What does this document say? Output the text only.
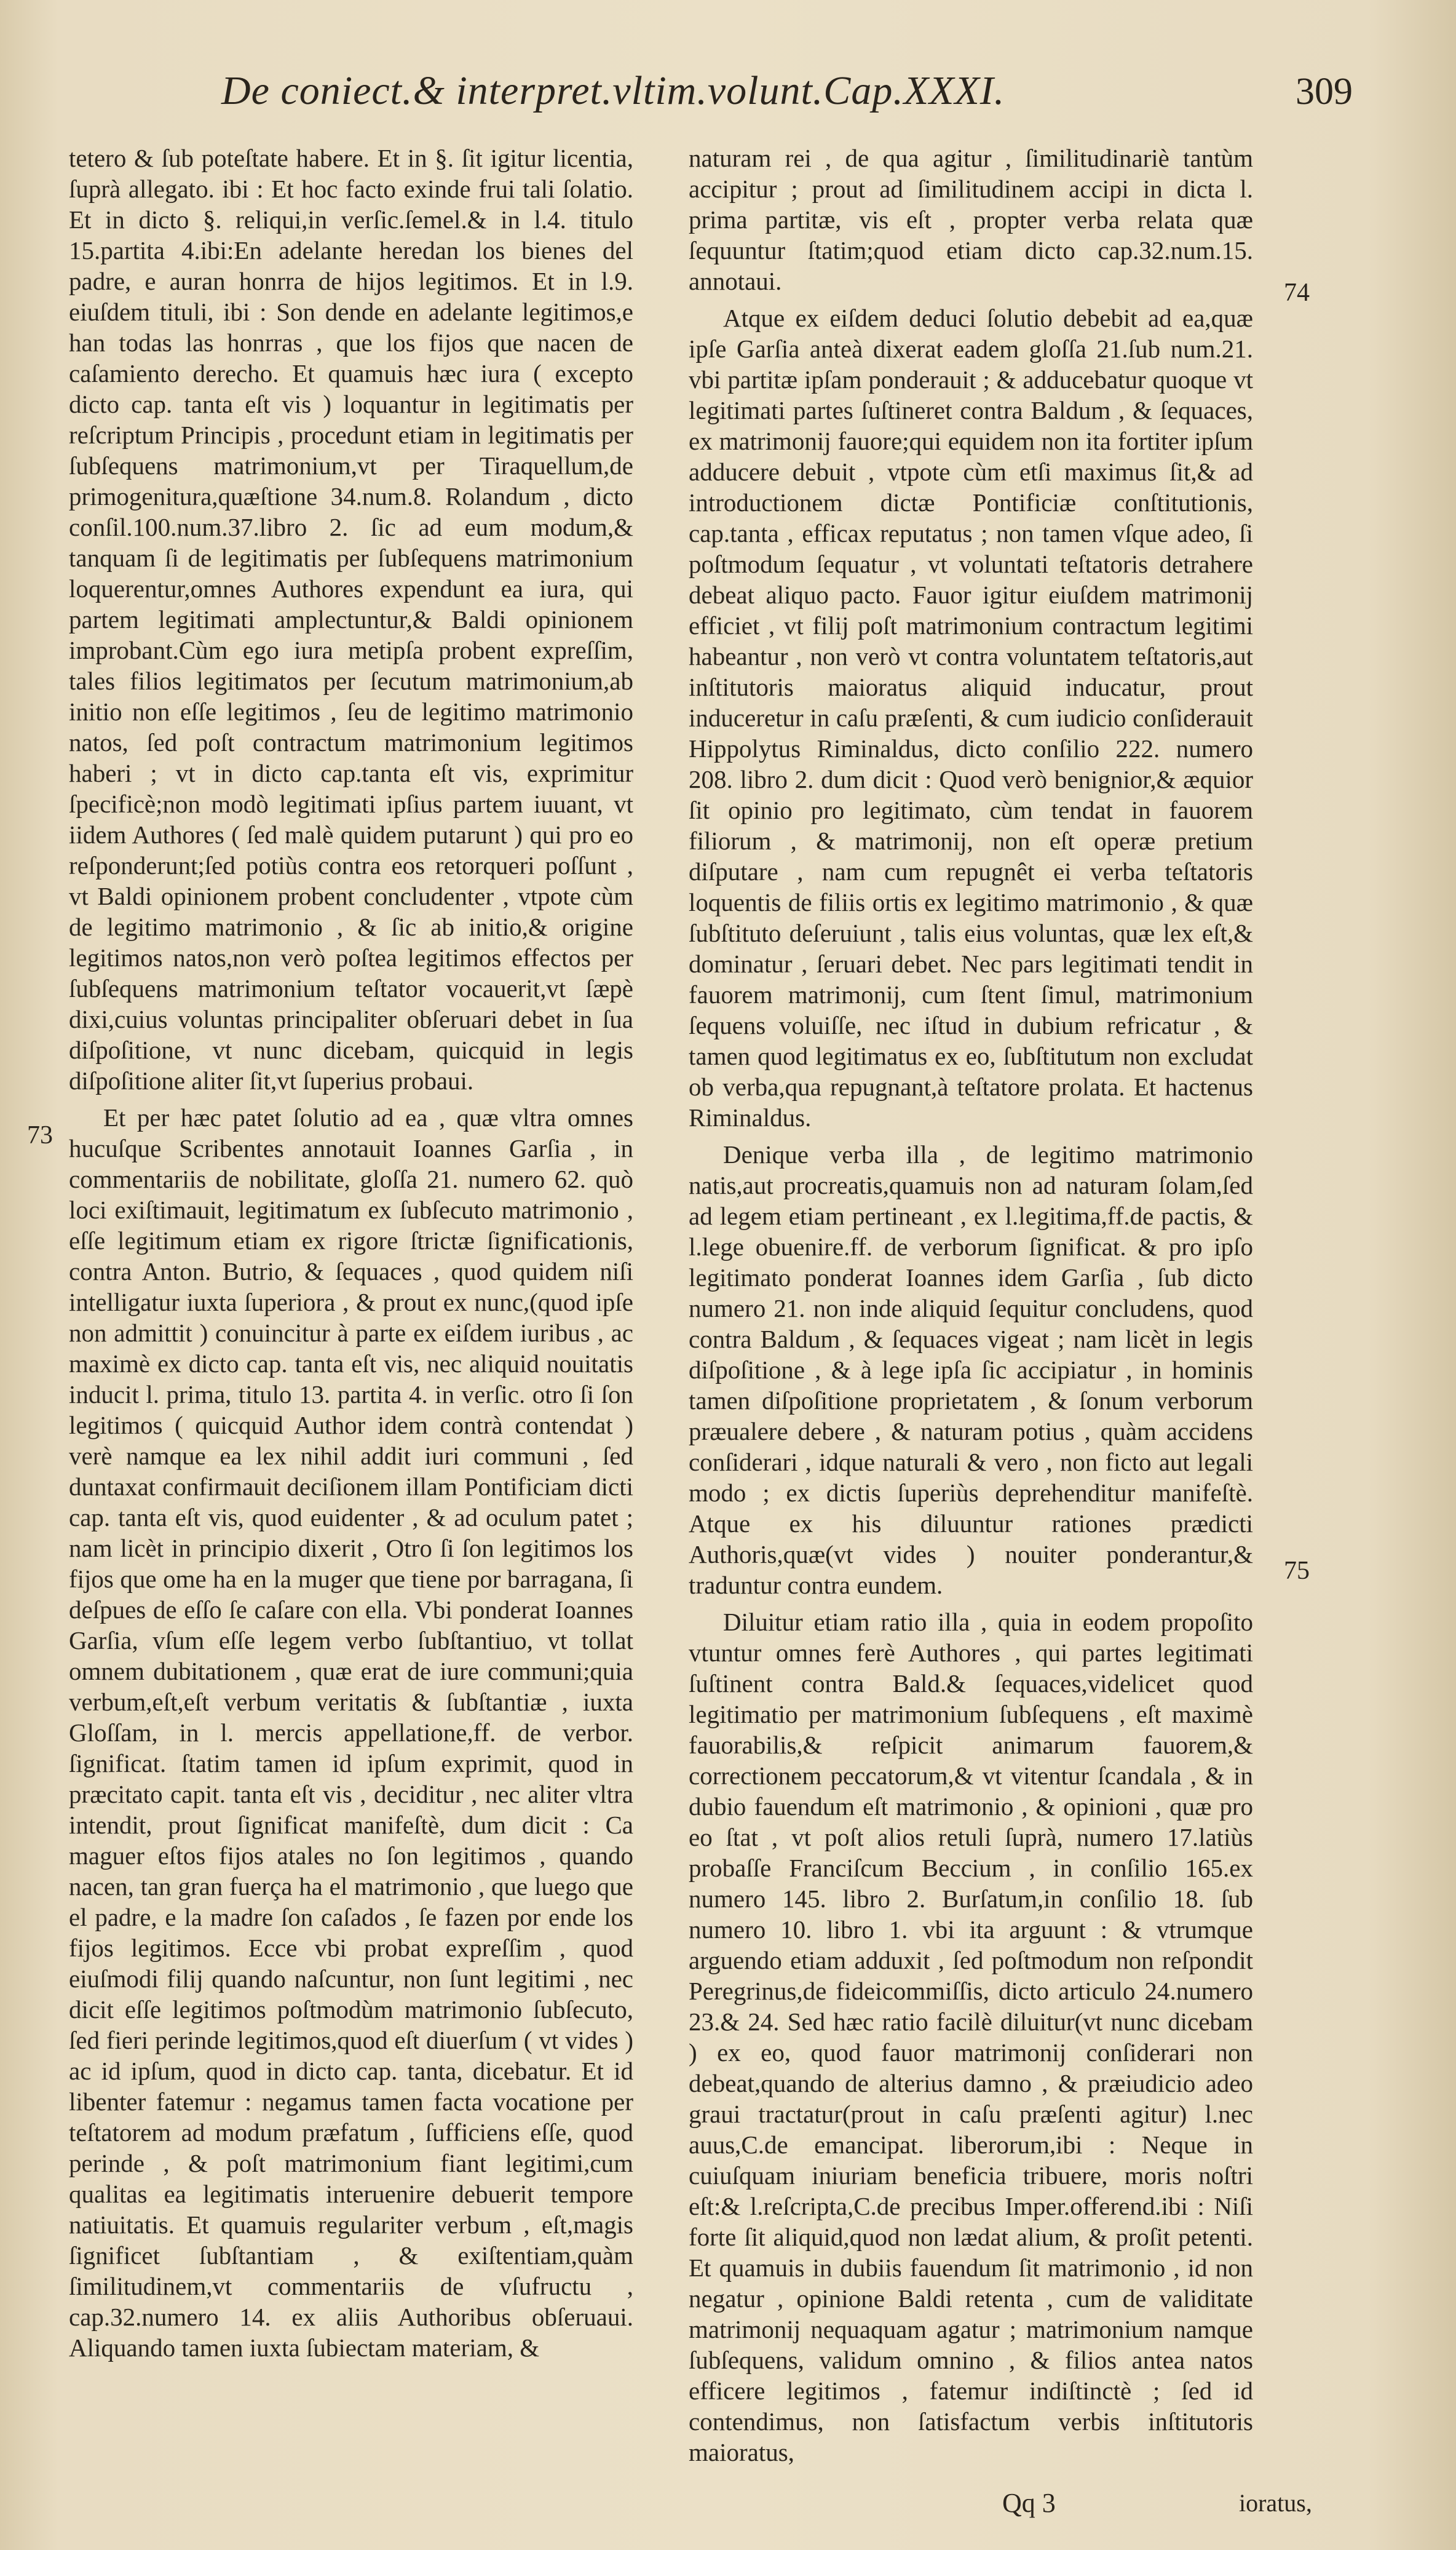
De coniect.& interpret.vltim.volunt.Cap.XXXI.	309

tetero & ſub poteſtate habere. Et in §. ſit igitur licentia, ſuprà allegato. ibi : Et hoc facto exinde frui tali ſolatio. Et in dicto §. reliqui,in verſic.ſemel.& in l.4. titulo 15.partita 4.ibi:En adelante heredan los bienes del padre, e auran honrra de hijos legitimos. Et in l.9. eiuſdem tituli, ibi : Son dende en adelante legitimos,e han todas las honrras , que los fijos que nacen de caſamiento derecho. Et quamuis hæc iura ( excepto dicto cap. tanta eſt vis ) loquantur in legitimatis per reſcriptum Principis , procedunt etiam in legitimatis per ſubſequens matrimonium,vt per Tiraquellum,de primogenitura,quæſtione 34.num.8. Rolandum , dicto conſil.100.num.37.libro 2. ſic ad eum modum,& tanquam ſi de legitimatis per ſubſequens matrimonium loquerentur,omnes Authores expendunt ea iura, qui partem legitimati amplectuntur,& Baldi opinionem improbant.Cùm ego iura metipſa probent expreſſim, tales filios legitimatos per ſecutum matrimonium,ab initio non eſſe legitimos , ſeu de legitimo matrimonio natos, ſed poſt contractum matrimonium legitimos haberi ; vt in dicto cap.tanta eſt vis, exprimitur ſpecificè;non modò legitimati ipſius partem iuuant, vt iidem Authores ( ſed malè quidem putarunt ) qui pro eo reſponderunt;ſed potiùs contra eos retorqueri poſſunt , vt Baldi opinionem probent concludenter , vtpote cùm de legitimo matrimonio , & ſic ab initio,& origine legitimos natos,non verò poſtea legitimos effectos per ſubſequens matrimonium teſtator vocauerit,vt ſæpè dixi,cuius voluntas principaliter obſeruari debet in ſua diſpoſitione, vt nunc dicebam, quicquid in legis diſpoſitione aliter ſit,vt ſuperius probaui.

Et per hæc patet ſolutio ad ea , quæ vltra omnes hucuſque Scribentes annotauit Ioannes Garſia , in commentariis de nobilitate, gloſſa 21. numero 62. quò loci exiſtimauit, legitimatum ex ſubſecuto matrimonio , eſſe legitimum etiam ex rigore ſtrictæ ſignificationis, contra Anton. Butrio, & ſequaces , quod quidem niſi intelligatur iuxta ſuperiora , & prout ex nunc,(quod ipſe non admittit ) conuincitur à parte ex eiſdem iuribus , ac maximè ex dicto cap. tanta eſt vis, nec aliquid nouitatis inducit l. prima, titulo 13. partita 4. in verſic. otro ſi ſon legitimos ( quicquid Author idem contrà contendat ) verè namque ea lex nihil addit iuri communi , ſed duntaxat confirmauit deciſionem illam Pontificiam dicti cap. tanta eſt vis, quod euidenter , & ad oculum patet ; nam licèt in principio dixerit , Otro ſi ſon legitimos los fijos que ome ha en la muger que tiene por barragana, ſi deſpues de eſſo ſe caſare con ella. Vbi ponderat Ioannes Garſia, vſum eſſe legem verbo ſubſtantiuo, vt tollat omnem dubitationem , quæ erat de iure communi;quia verbum,eſt,eſt verbum veritatis & ſubſtantiæ , iuxta Gloſſam, in l. mercis appellatione,ff. de verbor. ſignificat. ſtatim tamen id ipſum exprimit, quod in præcitato capit. tanta eſt vis , deciditur , nec aliter vltra intendit, prout ſignificat manifeſtè, dum dicit : Ca maguer eſtos fijos atales no ſon legitimos , quando nacen, tan gran fuerça ha el matrimonio , que luego que el padre, e la madre ſon caſados , ſe fazen por ende los fijos legitimos. Ecce vbi probat expreſſim , quod eiuſmodi filij quando naſcuntur, non ſunt legitimi , nec dicit eſſe legitimos poſtmodùm matrimonio ſubſecuto, ſed fieri perinde legitimos,quod eſt diuerſum ( vt vides ) ac id ipſum, quod in dicto cap. tanta, dicebatur. Et id libenter fatemur : negamus tamen facta vocatione per teſtatorem ad modum præfatum , ſufficiens eſſe, quod perinde , & poſt matrimonium fiant legitimi,cum qualitas ea legitimatis interuenire debuerit tempore natiuitatis. Et quamuis regulariter verbum , eſt,magis ſignificet ſubſtantiam , & exiſtentiam,quàm ſimilitudinem,vt commentariis de vſufructu , cap.32.numero 14. ex aliis Authoribus obſeruaui. Aliquando tamen iuxta ſubiectam materiam, &

73

naturam rei , de qua agitur , ſimilitudinariè tantùm accipitur ; prout ad ſimilitudinem accipi in dicta l. prima partitæ, vis eſt , propter verba relata quæ ſequuntur ſtatim;quod etiam dicto cap.32.num.15. annotaui.

Atque ex eiſdem deduci ſolutio debebit ad ea,quæ ipſe Garſia anteà dixerat eadem gloſſa 21.ſub num.21. vbi partitæ ipſam ponderauit ; & adducebatur quoque vt legitimati partes ſuſtineret contra Baldum , & ſequaces, ex matrimonij fauore;qui equidem non ita fortiter ipſum adducere debuit , vtpote cùm etſi maximus ſit,& ad introductionem dictæ Pontificiæ conſtitutionis, cap.tanta , efficax reputatus ; non tamen vſque adeo, ſi poſtmodum ſequatur , vt voluntati teſtatoris detrahere debeat aliquo pacto. Fauor igitur eiuſdem matrimonij efficiet , vt filij poſt matrimonium contractum legitimi habeantur , non verò vt contra voluntatem teſtatoris,aut inſtitutoris maioratus aliquid inducatur, prout induceretur in caſu præſenti, & cum iudicio conſiderauit Hippolytus Riminaldus, dicto conſilio 222. numero 208. libro 2. dum dicit : Quod verò benignior,& æquior ſit opinio pro legitimato, cùm tendat in fauorem filiorum , & matrimonij, non eſt operæ pretium diſputare , nam cum repugnêt ei verba teſtatoris loquentis de filiis ortis ex legitimo matrimonio , & quæ ſubſtituto deſeruiunt , talis eius voluntas, quæ lex eſt,& dominatur , ſeruari debet. Nec pars legitimati tendit in fauorem matrimonij, cum ſtent ſimul, matrimonium ſequens voluiſſe, nec iſtud in dubium refricatur , & tamen quod legitimatus ex eo, ſubſtitutum non excludat ob verba,qua repugnant,à teſtatore prolata. Et hactenus Riminaldus.

Denique verba illa , de legitimo matrimonio natis,aut procreatis,quamuis non ad naturam ſolam,ſed ad legem etiam pertineant , ex l.legitima,ff.de pactis, & l.lege obuenire.ff. de verborum ſignificat. & pro ipſo legitimato ponderat Ioannes idem Garſia , ſub dicto numero 21. non inde aliquid ſequitur concludens, quod contra Baldum , & ſequaces vigeat ; nam licèt in legis diſpoſitione , & à lege ipſa ſic accipiatur , in hominis tamen diſpoſitione proprietatem , & ſonum verborum præualere debere , & naturam potius , quàm accidens conſiderari , idque naturali & vero , non ficto aut legali modo ; ex dictis ſuperiùs deprehenditur manifeſtè. Atque ex his diluuntur rationes prædicti Authoris,quæ(vt vides ) nouiter ponderantur,& traduntur contra eundem.

Diluitur etiam ratio illa , quia in eodem propoſito vtuntur omnes ferè Authores , qui partes legitimati ſuſtinent contra Bald.& ſequaces,videlicet quod legitimatio per matrimonium ſubſequens , eſt maximè fauorabilis,& reſpicit animarum fauorem,& correctionem peccatorum,& vt vitentur ſcandala , & in dubio fauendum eſt matrimonio , & opinioni , quæ pro eo ſtat , vt poſt alios retuli ſuprà, numero 17.latiùs probaſſe Franciſcum Beccium , in conſilio 165.ex numero 145. libro 2. Burſatum,in conſilio 18. ſub numero 10. libro 1. vbi ita arguunt : & vtrumque arguendo etiam adduxit , ſed poſtmodum non reſpondit Peregrinus,de fideicommiſſis, dicto articulo 24.numero 23.& 24. Sed hæc ratio facilè diluitur(vt nunc dicebam ) ex eo, quod fauor matrimonij conſiderari non debeat,quando de alterius damno , & præiudicio adeo graui tractatur(prout in caſu præſenti agitur) l.nec auus,C.de emancipat. liberorum,ibi : Neque in cuiuſquam iniuriam beneficia tribuere, moris noſtri eſt:& l.reſcripta,C.de precibus Imper.offerend.ibi : Niſi forte ſit aliquid,quod non lædat alium, & proſit petenti. Et quamuis in dubiis fauendum ſit matrimonio , id non negatur , opinione Baldi retenta , cum de validitate matrimonij nequaquam agatur ; matrimonium namque ſubſequens, validum omnino , & filios antea natos efficere legitimos , fatemur indiſtinctè ; ſed id contendimus, non ſatisfactum verbis inſtitutoris maioratus,

74
75
Qq 3	ioratus,
